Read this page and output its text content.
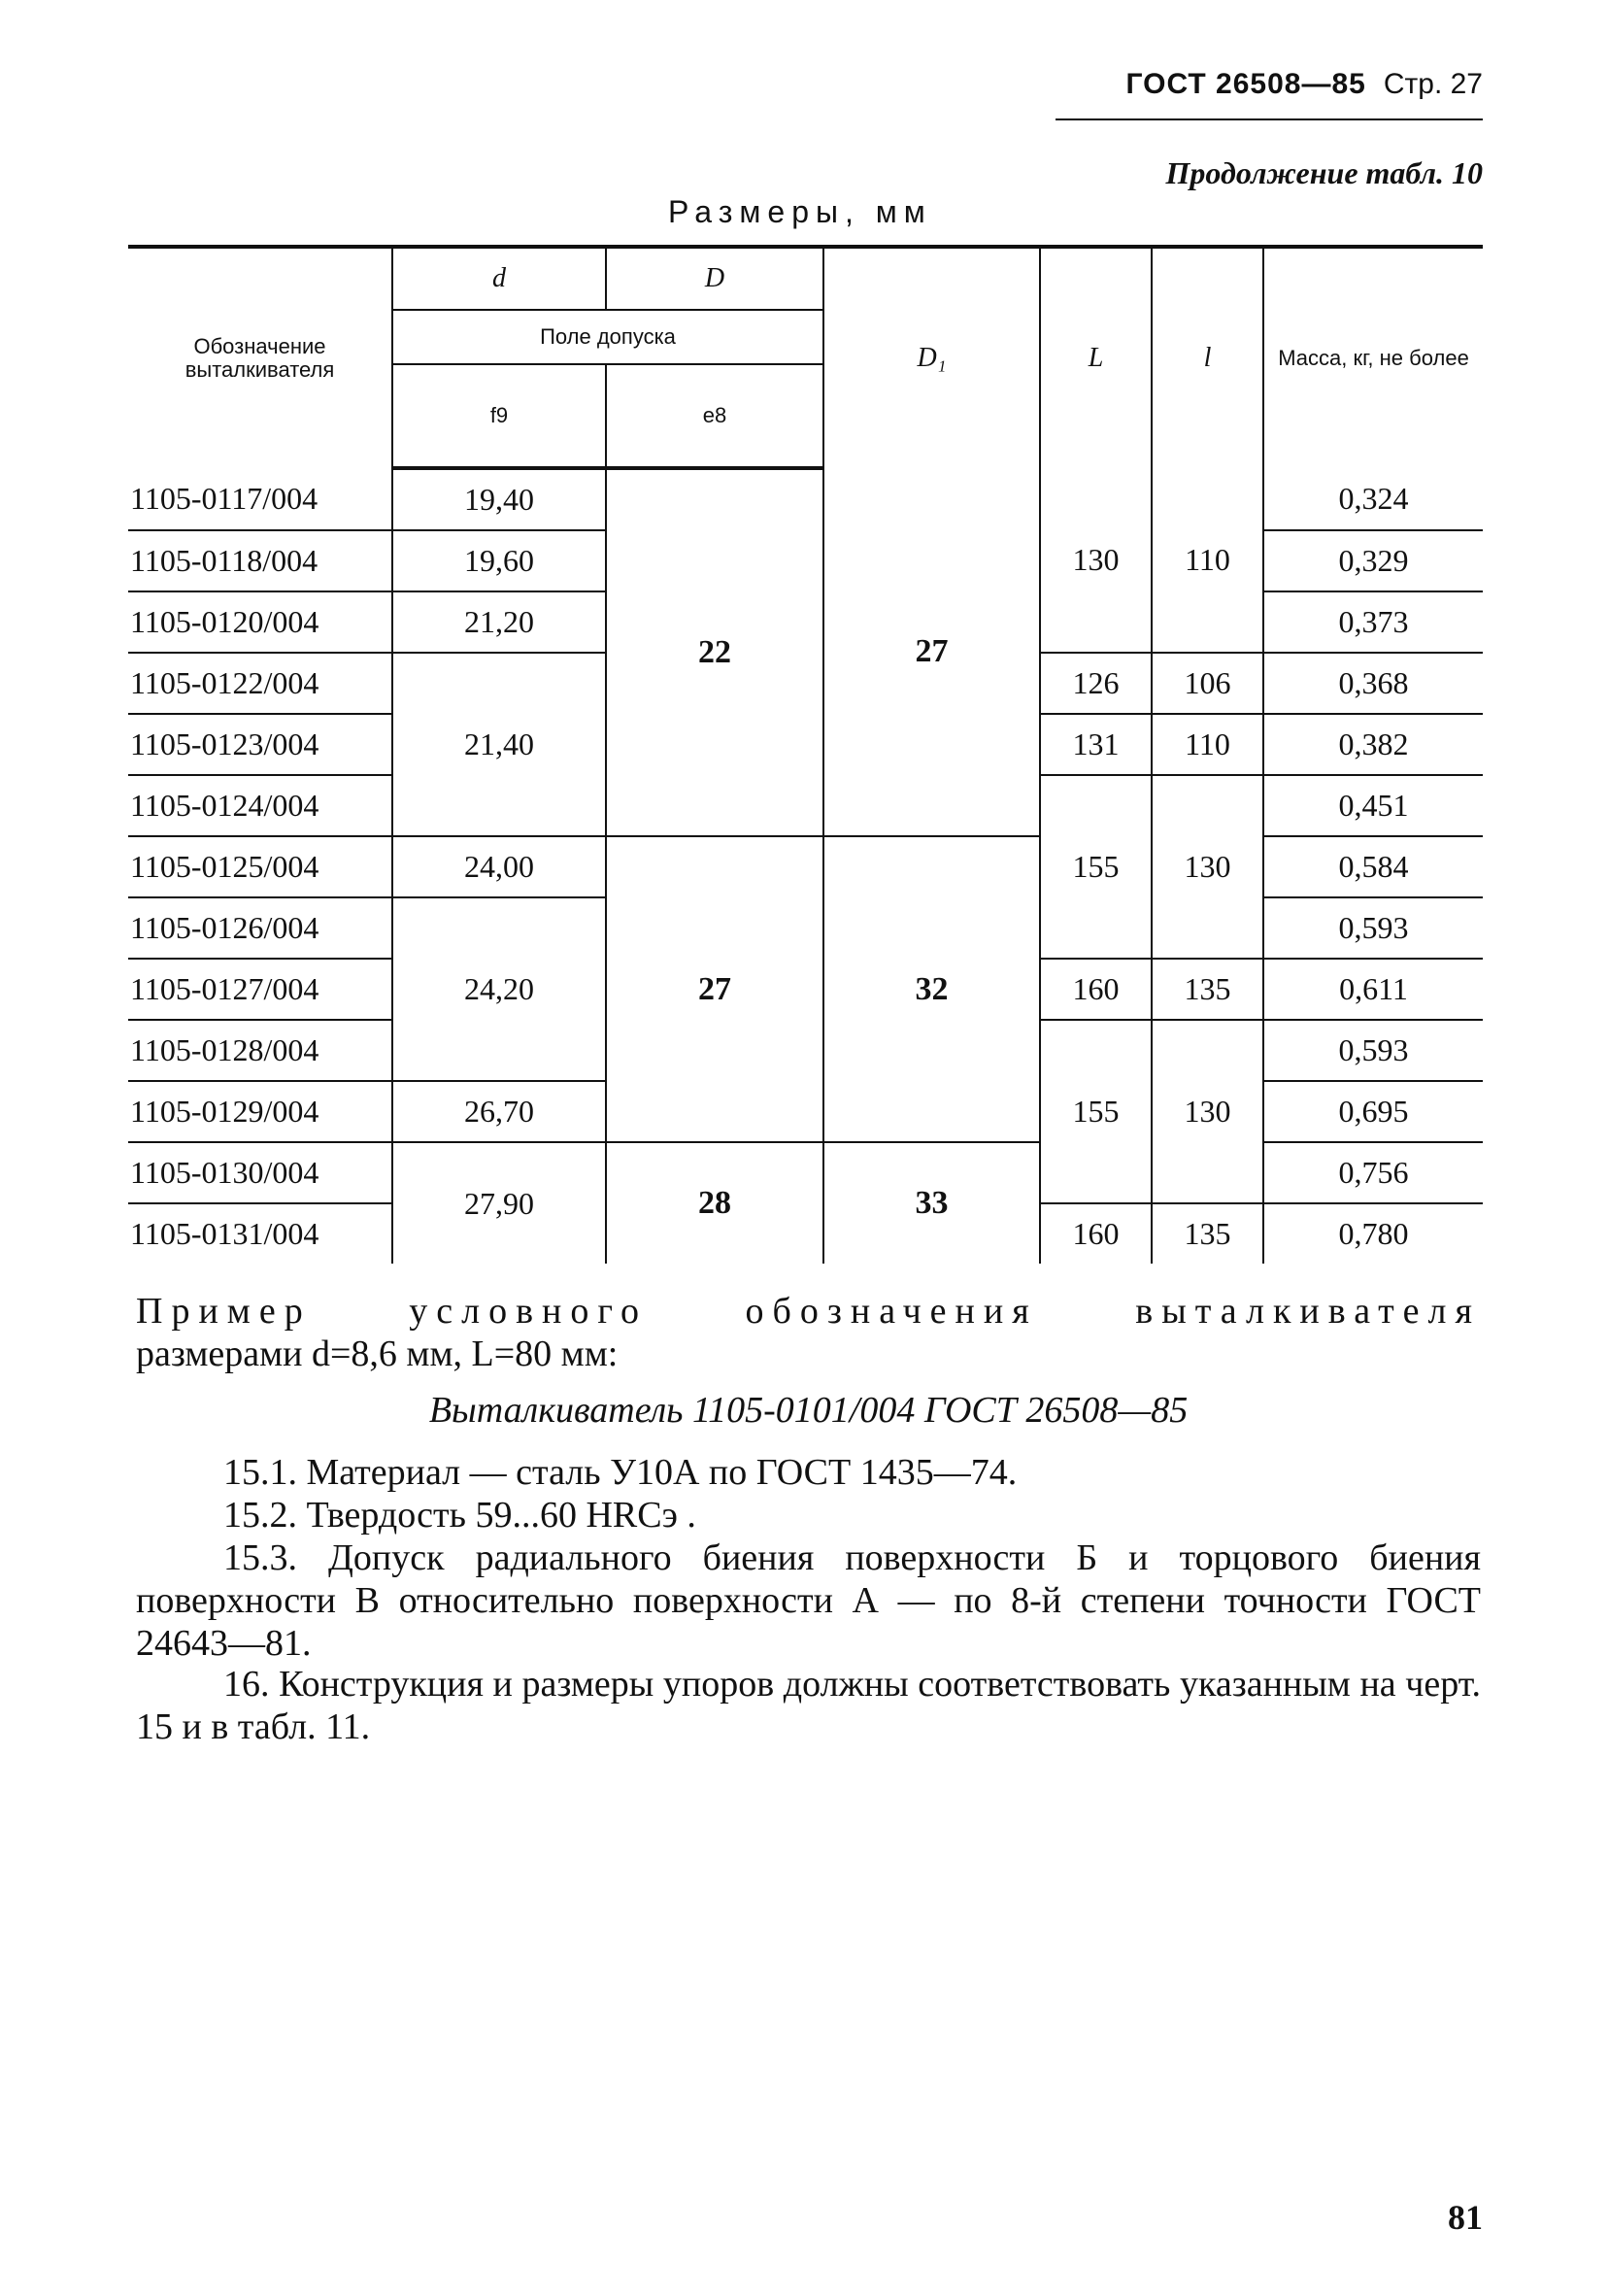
ГОСТ 26508—85 Стр. 27
Продолжение табл. 10
Размеры, мм
Обозначение выталкивателя	d	D	D₁	L	l	Масса, кг, не более
	Поле допуска					
	f9	e8				
1105-0117/004	19,40	22	27	130	110	0,324
1105-0118/004	19,60					0,329
1105-0120/004	21,20					0,373
1105-0122/004	21,40			126	106	0,368
1105-0123/004				131	110	0,382
1105-0124/004				155	130	0,451
1105-0125/004	24,00	27	32			0,584
1105-0126/004	24,20					0,593
1105-0127/004				160	135	0,611
1105-0128/004				155	130	0,593
1105-0129/004	26,70					0,695
1105-0130/004	27,90	28	33			0,756
1105-0131/004				160	135	0,780
Пример условного обозначения выталкивателя
размерами d=8,6 мм, L=80 мм:
Выталкиватель 1105-0101/004 ГОСТ 26508—85
15.1. Материал — сталь У10А по ГОСТ 1435—74.
15.2. Твердость 59...60 HRCэ .
15.3. Допуск радиального биения поверхности Б и торцового биения поверхности В относительно поверхности А — по 8-й степени точности ГОСТ 24643—81.
16. Конструкция и размеры упоров должны соответствовать указанным на черт. 15 и в табл. 11.
81
